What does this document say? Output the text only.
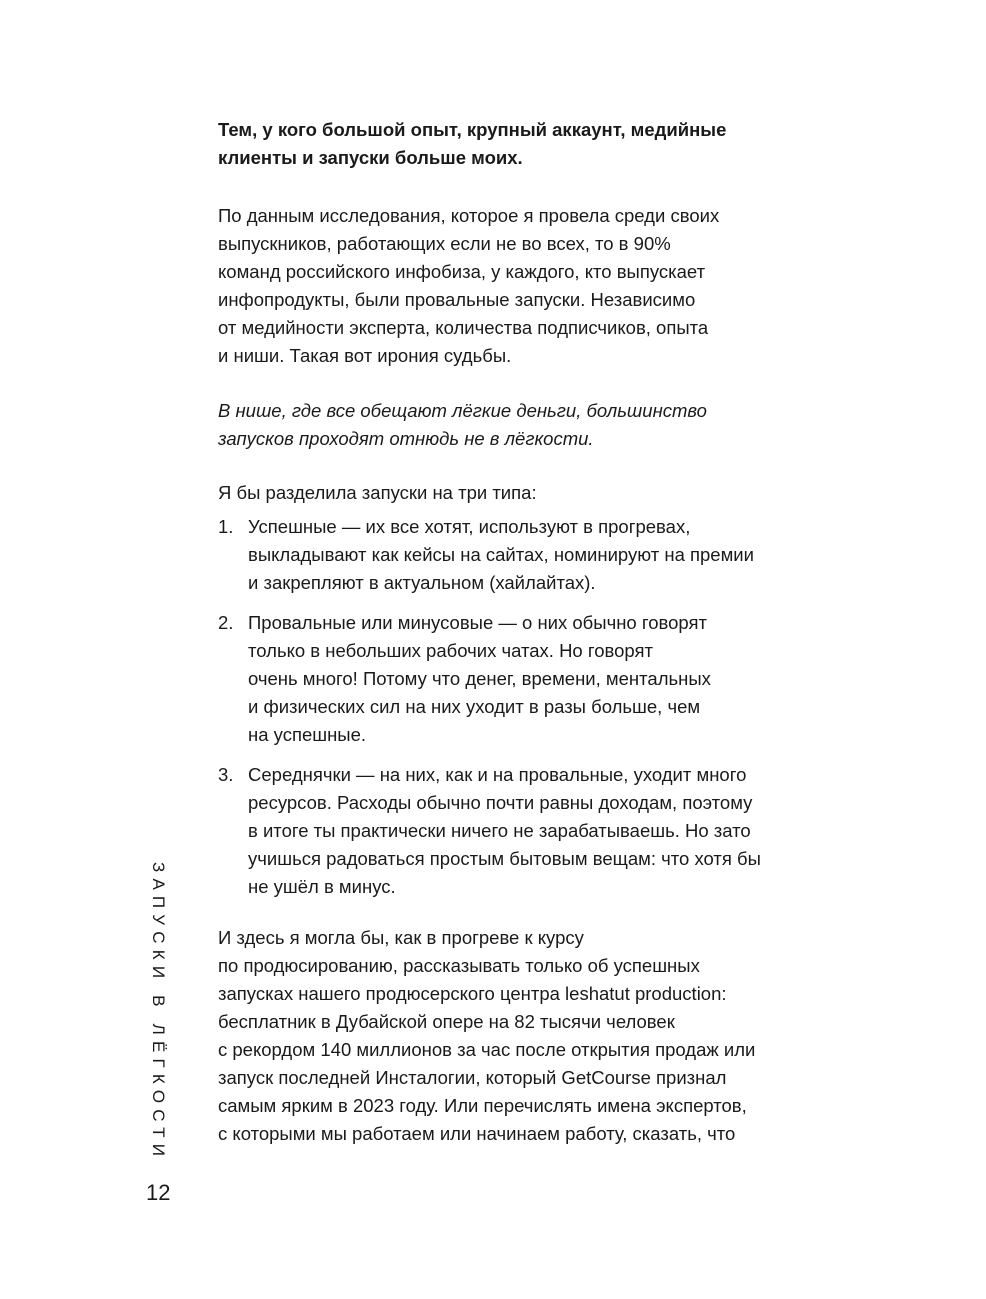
Тем, у кого большой опыт, крупный аккаунт, медийные
клиенты и запуски больше моих.

По данным исследования, которое я провела среди своих
выпускников, работающих если не во всех, то в 90%
команд российского инфобиза, у каждого, кто выпускает
инфопродукты, были провальные запуски. Независимо
от медийности эксперта, количества подписчиков, опыта
и ниши. Такая вот ирония судьбы.

В нише, где все обещают лёгкие деньги, большинство
запусков проходят отнюдь не в лёгкости.

Я бы разделила запуски на три типа:

1. Успешные — их все хотят, используют в прогревах,
выкладывают как кейсы на сайтах, номинируют на премии
и закрепляют в актуальном (хайлайтах).
2. Провальные или минусовые — о них обычно говорят
только в небольших рабочих чатах. Но говорят
очень много! Потому что денег, времени, ментальных
и физических сил на них уходит в разы больше, чем
на успешные.
3. Середнячки — на них, как и на провальные, уходит много
ресурсов. Расходы обычно почти равны доходам, поэтому
в итоге ты практически ничего не зарабатываешь. Но зато
учишься радоваться простым бытовым вещам: что хотя бы
не ушёл в минус.

И здесь я могла бы, как в прогреве к курсу
по продюсированию, рассказывать только об успешных
запусках нашего продюсерского центра leshatut production:
бесплатник в Дубайской опере на 82 тысячи человек
с рекордом 140 миллионов за час после открытия продаж или
запуск последней Инсталогии, который GetCourse признал
самым ярким в 2023 году. Или перечислять имена экспертов,
с которыми мы работаем или начинаем работу, сказать, что

ЗАПУСКИ В ЛЁГКОСТИ
12
